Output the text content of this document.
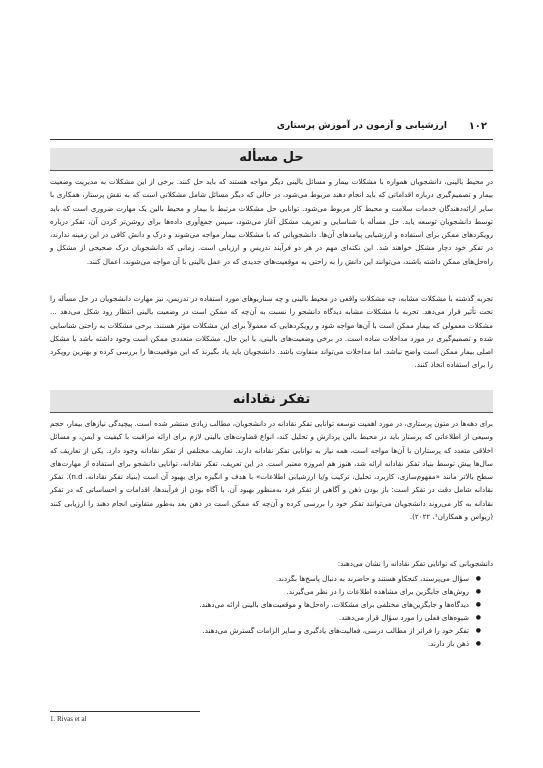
۱۰۲
ارزشیابی و آزمون در آموزش پرستاری
حل مسأله

در محیط بالینی، دانشجویان همواره با مشکلات بیمار و مسائل بالینی دیگر مواجه هستند که باید حل کنند. برخی از این مشکلات به مدیریت وضعیت بیمار و تصمیم‌گیری درباره اقداماتی که باید انجام دهند مربوط می‌شود، در حالی که دیگر مسائل شامل مشکلاتی است که به نقش پرستار، همکاری با سایر ارائه‌دهندگان خدمات سلامت و محیط کار مربوط می‌شود. توانایی حل مشکلات مرتبط با بیمار و محیط بالین یک مهارت ضروری است که باید توسط دانشجویان توسعه یابد. حل مسأله با شناسایی و تعریف مشکل آغاز می‌شود، سپس جمع‌آوری داده‌ها برای روشن‌تر کردن آن، تفکر درباره رویکردهای ممکن برای استفاده و ارزشیابی پیامدهای آن‌ها. دانشجویانی که با مشکلات بیمار مواجه می‌شوند و درک و دانش کافی در این زمینه ندارند، در تفکر خود دچار مشکل خواهند شد. این نکته‌ای مهم در هر دو فرآیند تدریس و ارزیابی است. زمانی که دانشجویان درک صحیحی از مشکل و راه‌حل‌های ممکن داشته باشند، می‌توانند این دانش را به راحتی به موقعیت‌های جدیدی که در عمل بالینی با آن مواجه می‌شوند، اعمال کنند.

تجربه گذشته با مشکلات مشابه، چه مشکلات واقعی در محیط بالینی و چه سناریوهای مورد استفاده در تدریس، نیز مهارت دانشجویان در حل مسأله را تحت تأثیر قرار می‌دهد. تجربه با مشکلات مشابه دیدگاه دانشجو را نسبت به آن‌چه که ممکن است در وضعیت بالینی انتظار رود شکل می‌دهد ... مشکلات معمولی که بیمار ممکن است با آن‌ها مواجه شود و رویکردهایی که معمولاً برای این مشکلات مؤثر هستند. برخی مشکلات به راحتی شناسایی شده و تصمیم‌گیری در مورد مداخلات ساده است. در برخی وضعیت‌های بالینی، با این حال، مشکلات متعددی ممکن است وجود داشته باشد یا مشکل اصلی بیمار ممکن است واضح نباشد. اما مداخلات می‌تواند متفاوت باشد. دانشجویان باید یاد بگیرند که این موقعیت‌ها را بررسی کرده و بهترین رویکرد را برای استفاده اتخاذ کنند.

تفکر نقادانه

برای دهه‌ها در متون پرستاری، در مورد اهمیت توسعه توانایی تفکر نقادانه در دانشجویان، مطالب زیادی منتشر شده است. پیچیدگی نیازهای بیمار، حجم وسیعی از اطلاعاتی که پرستار باید در محیط بالین پردازش و تحلیل کند، انواع قضاوت‌های بالینی لازم برای ارائه مراقبت با کیفیت و ایمن، و مسائل اخلاقی متعدد که پرستاران با آن‌ها مواجه است، همه نیاز به توانایی تفکر نقادانه دارند. تعاریف مختلفی از تفکر نقادانه وجود دارد. یکی از تعاریف که سال‌ها پیش توسط بنیاد تفکر نقادانه ارائه شد، هنوز هم امروزه معتبر است. در این تعریف، تفکر نقادانه، توانایی دانشجو برای استفاده از مهارت‌های سطح بالاتر مانند «مفهوم‌سازی، کاربرد، تحلیل، ترکیب و/یا ارزشیابی اطلاعات» با هدف و انگیزه برای بهبود آن است (بنیاد تفکر نقادانه، n.d). تفکر نقادانه شامل دقت در تفکر است: باز بودن ذهن و آگاهی از تفکر فرد به‌منظور بهبود آن. با آگاه بودن از فرآیندها، اقدامات و احساساتی که در تفکر نقادانه به کار می‌روند دانشجویان می‌توانند تفکر خود را بررسی کرده و آن‌چه که ممکن است در ذهن بعد به‌طور متفاوتی انجام دهند را ارزیابی کنند (ریواس و همکاران¹، ۲۰۲۲).

دانشجویانی که توانایی تفکر نقادانه را نشان می‌دهند:

● سؤال می‌پرسند، کنجکاو هستند و حاضرند به دنبال پاسخ‌ها بگردند.
● روش‌های جایگزین برای مشاهده اطلاعات را در نظر می‌گیرند.
● دیدگاه‌ها و جایگزین‌های مختلفی برای مشکلات، راه‌حل‌ها و موقعیت‌های بالینی ارائه می‌دهند.
● شیوه‌های فعلی را مورد سؤال قرار می‌دهند.
● تفکر خود را فراتر از مطالب درسی، فعالیت‌های یادگیری و سایر الزامات گسترش می‌دهند.
● ذهن باز دارند.
1. Rivas et al
